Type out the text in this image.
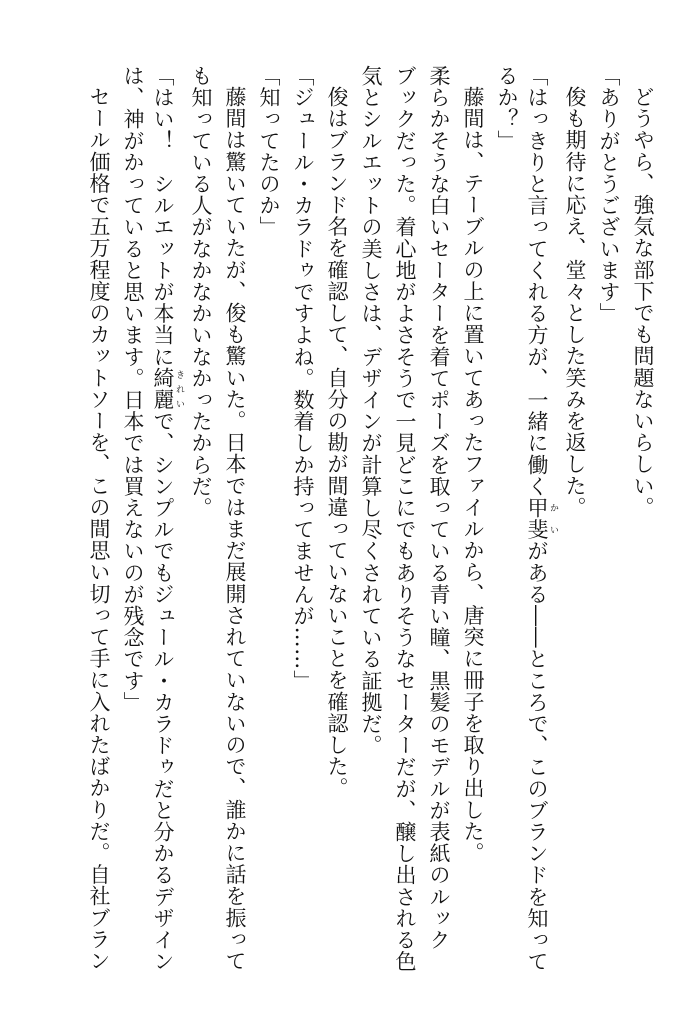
どうやら、強気な部下でも問題ないらしい。
「ありがとうございます」
俊も期待に応え、堂々とした笑みを返した。
「はっきりと言ってくれる方が、一緒に働く甲斐 かいがある――ところで、このブランドを知って
るか？」
藤間は、テーブルの上に置いてあったファイルから、唐突に冊子を取り出した。
柔らかそうな白いセーターを着てポーズを取っている青い瞳、黒髪のモデルが表紙のルック
ブックだった。着心地がよさそうで一見どこにでもありそうなセーターだが、醸し出される色
気とシルエットの美しさは、デザインが計算し尽くされている証拠だ。
俊はブランド名を確認して、自分の勘が間違っていないことを確認した。
「ジュール・カラドゥですよね。数着しか持ってませんが……」
「知ってたのか」
藤間は驚いていたが、俊も驚いた。日本ではまだ展開されていないので、誰かに話を振って
も知っている人がなかなかいなかったからだ。
「はい！　シルエットが本当に綺麗 きれいで、シンプルでもジュール・カラドゥだと分かるデザイン
は、神がかっていると思います。日本では買えないのが残念です」
セール価格で五万程度のカットソーを、この間思い切って手に入れたばかりだ。自社ブラン
